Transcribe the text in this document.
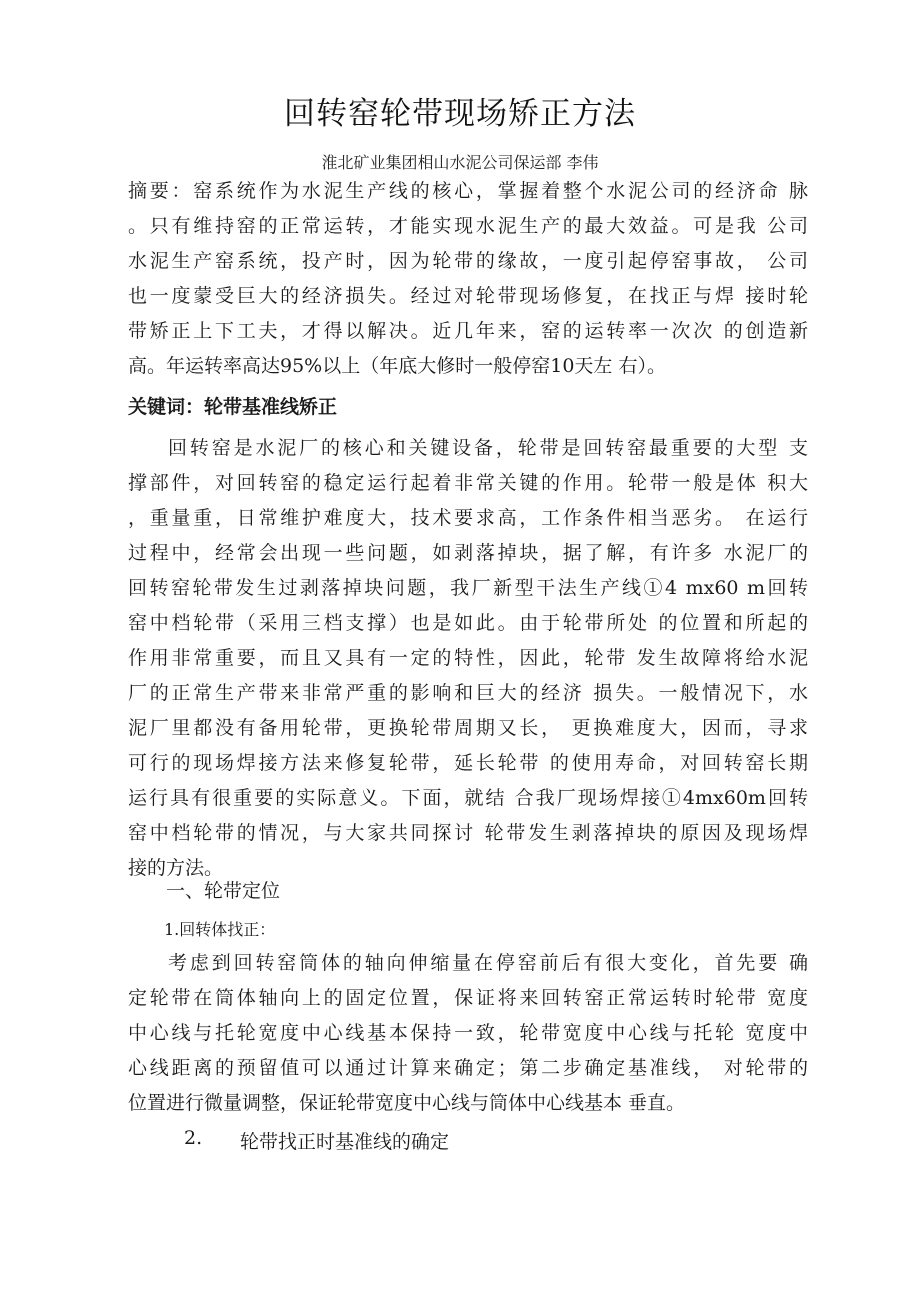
回转窑轮带现场矫正方法
淮北矿业集团相山水泥公司保运部 李伟
摘要：窑系统作为水泥生产线的核心，掌握着整个水泥公司的经济命 脉
。只有维持窑的正常运转，才能实现水泥生产的最大效益。可是我 公司
水泥生产窑系统，投产时，因为轮带的缘故，一度引起停窑事故， 公司
也一度蒙受巨大的经济损失。经过对轮带现场修复，在找正与焊 接时轮
带矫正上下工夫，才得以解决。近几年来，窑的运转率一次次 的创造新
高。年运转率高达95%以上（年底大修时一般停窑10天左 右）。
关键词：轮带基准线矫正
回转窑是水泥厂的核心和关键设备，轮带是回转窑最重要的大型 支
撑部件，对回转窑的稳定运行起着非常关键的作用。轮带一般是体 积大
，重量重，日常维护难度大，技术要求高，工作条件相当恶劣。 在运行
过程中，经常会出现一些问题，如剥落掉块，据了解，有许多 水泥厂的
回转窑轮带发生过剥落掉块问题，我厂新型干法生产线①4 mx60 m回转
窑中档轮带（采用三档支撑）也是如此。由于轮带所处 的位置和所起的
作用非常重要，而且又具有一定的特性，因此，轮带 发生故障将给水泥
厂的正常生产带来非常严重的影响和巨大的经济 损失。一般情况下，水
泥厂里都没有备用轮带，更换轮带周期又长， 更换难度大，因而，寻求
可行的现场焊接方法来修复轮带，延长轮带 的使用寿命，对回转窑长期
运行具有很重要的实际意义。下面，就结 合我厂现场焊接①4mx60m回转
窑中档轮带的情况，与大家共同探讨 轮带发生剥落掉块的原因及现场焊
接的方法。
一、轮带定位
1.回转体找正：
考虑到回转窑筒体的轴向伸缩量在停窑前后有很大变化，首先要 确
定轮带在筒体轴向上的固定位置，保证将来回转窑正常运转时轮带 宽度
中心线与托轮宽度中心线基本保持一致，轮带宽度中心线与托轮 宽度中
心线距离的预留值可以通过计算来确定；第二步确定基准线， 对轮带的
位置进行微量调整，保证轮带宽度中心线与筒体中心线基本 垂直。
2.	轮带找正时基准线的确定
